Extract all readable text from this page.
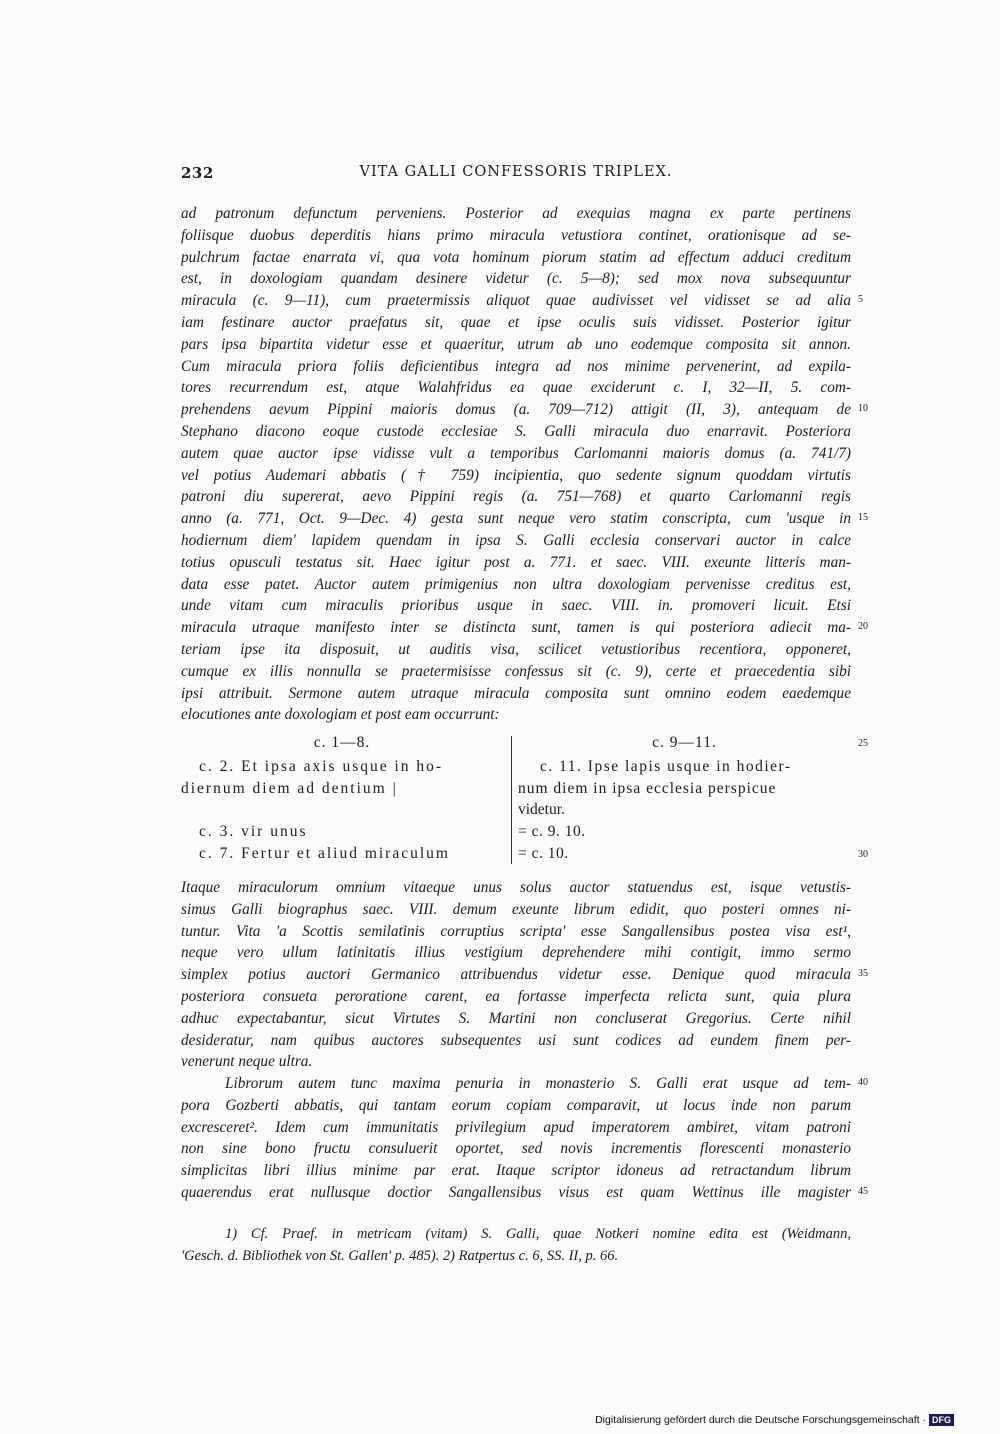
232	VITA GALLI CONFESSORIS TRIPLEX.
ad patronum defunctum perveniens. Posterior ad exequias magna ex parte pertinens
foliisque duobus deperditis hians primo miracula vetustiora continet, orationisque ad se-
pulchrum factae enarrata vi, qua vota hominum piorum statim ad effectum adduci creditum
est, in doxologiam quandam desinere videtur (c. 5—8); sed mox nova subsequuntur
miracula (c. 9—11), cum praetermissis aliquot quae audivisset vel vidisset se ad alia
iam festinare auctor praefatus sit, quae et ipse oculis suis vidisset. Posterior igitur
pars ipsa bipartita videtur esse et quaeritur, utrum ab uno eodemque composita sit annon.
Cum miracula priora foliis deficientibus integra ad nos minime pervenerint, ad expila-
tores recurrendum est, atque Walahfridus ea quae exciderunt c. I, 32—II, 5. com-
prehendens aevum Pippini maioris domus (a. 709—712) attigit (II, 3), antequam de
Stephano diacono eoque custode ecclesiae S. Galli miracula duo enarravit. Posteriora
autem quae auctor ipse vidisse vult a temporibus Carlomanni maioris domus (a. 741/7)
vel potius Audemari abbatis († 759) incipientia, quo sedente signum quoddam virtutis
patroni diu supererat, aevo Pippini regis (a. 751—768) et quarto Carlomanni regis
anno (a. 771, Oct. 9—Dec. 4) gesta sunt neque vero statim conscripta, cum 'usque in
hodiernum diem' lapidem quendam in ipsa S. Galli ecclesia conservari auctor in calce
totius opusculi testatus sit. Haec igitur post a. 771. et saec. VIII. exeunte litteris man-
data esse patet. Auctor autem primigenius non ultra doxologiam pervenisse creditus est,
unde vitam cum miraculis prioribus usque in saec. VIII. in. promoveri licuit. Etsi
miracula utraque manifesto inter se distincta sunt, tamen is qui posteriora adiecit ma-
teriam ipse ita disposuit, ut auditis visa, scilicet vetustioribus recentiora, opponeret,
cumque ex illis nonnulla se praetermisisse confessus sit (c. 9), certe et praecedentia sibi
ipsi attribuit. Sermone autem utraque miracula composita sunt omnino eodem eaedemque
elocutiones ante doxologiam et post eam occurrunt:
c. 1—8.
c. 2. Et ipsa axis usque in ho-
diernum diem ad dentium |
c. 3. vir unus
c. 7. Fertur et aliud miraculum
c. 9—11.
c. 11. Ipse lapis usque in hodier-
num diem in ipsa ecclesia perspicue
videtur.
= c. 9. 10.
= c. 10.
Itaque miraculorum omnium vitaeque unus solus auctor statuendus est, isque vetustis-
simus Galli biographus saec. VIII. demum exeunte librum edidit, quo posteri omnes ni-
tuntur. Vita 'a Scottis semilatinis corruptius scripta' esse Sangallensibus postea visa est¹,
neque vero ullum latinitatis illius vestigium deprehendere mihi contigit, immo sermo
simplex potius auctori Germanico attribuendus videtur esse. Denique quod miracula
posteriora consueta peroratione carent, ea fortasse imperfecta relicta sunt, quia plura
adhuc expectabantur, sicut Virtutes S. Martini non concluserat Gregorius. Certe nihil
desideratur, nam quibus auctores subsequentes usi sunt codices ad eundem finem per-
venerunt neque ultra.
Librorum autem tunc maxima penuria in monasterio S. Galli erat usque ad tem-
pora Gozberti abbatis, qui tantam eorum copiam comparavit, ut locus inde non parum
excresceret². Idem cum immunitatis privilegium apud imperatorem ambiret, vitam patroni
non sine bono fructu consuluerit oportet, sed novis incrementis florescenti monasterio
simplicitas libri illius minime par erat. Itaque scriptor idoneus ad retractandum librum
quaerendus erat nullusque doctior Sangallensibus visus est quam Wettinus ille magister
5
10
15
20
25
30
35
40
45
1) Cf. Praef. in metricam (vitam) S. Galli, quae Notkeri nomine edita est (Weidmann,
'Gesch. d. Bibliothek von St. Gallen' p. 485). 2) Ratpertus c. 6, SS. II, p. 66.
Digitalisierung gefördert durch die Deutsche Forschungsgemeinschaft · DFG
